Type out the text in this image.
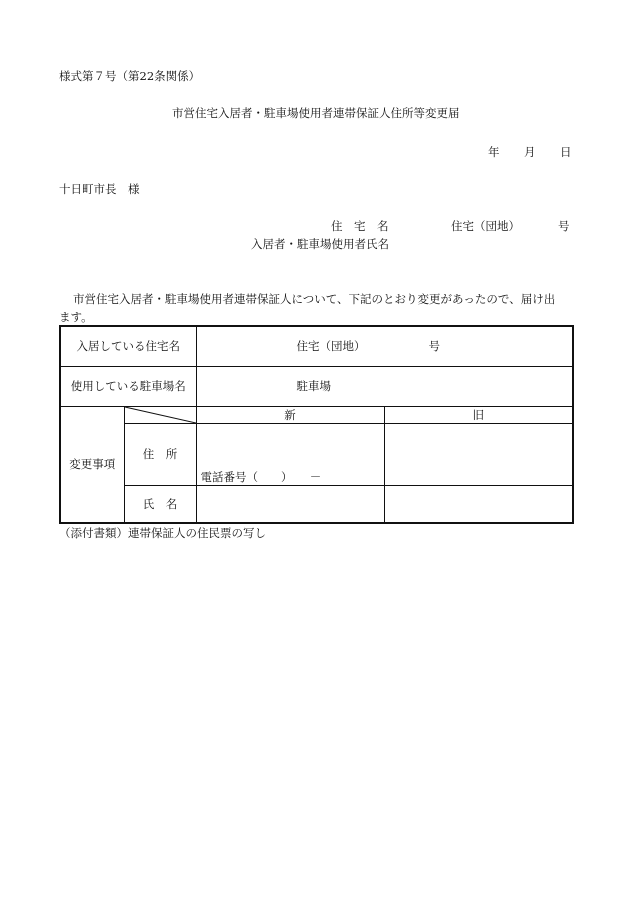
様式第７号（第22条関係）
市営住宅入居者・駐車場使用者連帯保証人住所等変更届
年 月 日
十日町市長　様
住　宅　名	住宅（団地）	号
入居者・駐車場使用者氏名
市営住宅入居者・駐車場使用者連帯保証人について、下記のとおり変更があったので、届け出
ます。
入居している住宅名		住宅（団地） 号	

使用している駐車場名		駐車場	

変更事項		新	旧
	住　所	電話番号（　　）　　－	

	氏　名		
（添付書類）連帯保証人の住民票の写し
